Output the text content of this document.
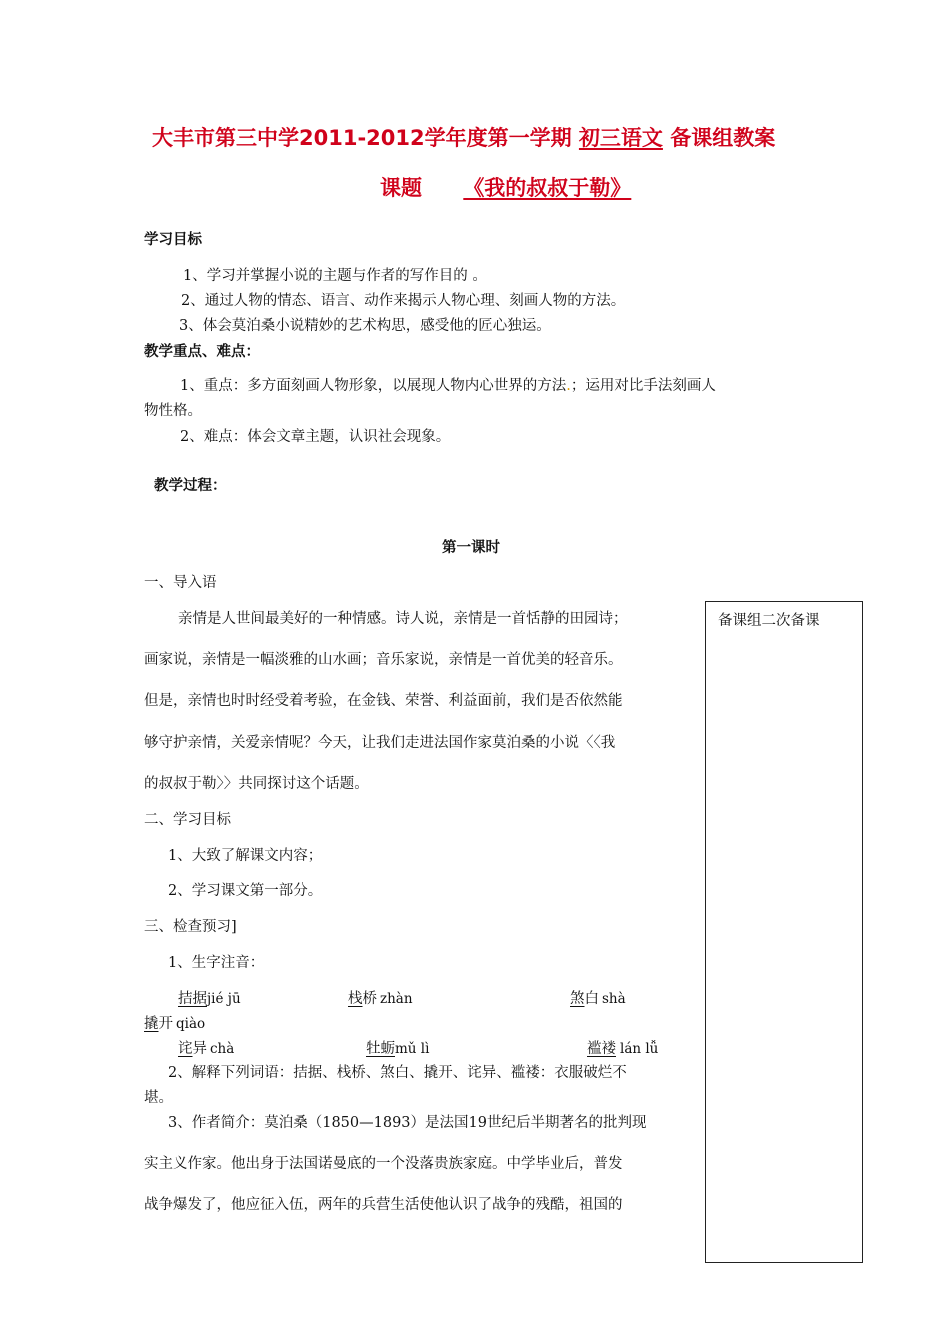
大丰市第三中学2011-2012学年度第一学期 初三语文 备课组教案
课题 《我的叔叔于勒》
学习目标
1、学习并掌握小说的主题与作者的写作目的 。
2、通过人物的情态、语言、动作来揭示人物心理、刻画人物的方法。
3、体会莫泊桑小说精妙的艺术构思，感受他的匠心独运。
教学重点、难点：
1、重点：多方面刻画人物形象，以展现人物内心世界的方法.；运用对比手法刻画人
物性格。
2、难点：体会文章主题，认识社会现象。
教学过程：
第一课时
一、导入语
亲情是人世间最美好的一种情感。诗人说，亲情是一首恬静的田园诗；
画家说，亲情是一幅淡雅的山水画；音乐家说，亲情是一首优美的轻音乐。
但是，亲情也时时经受着考验，在金钱、荣誉、利益面前，我们是否依然能
够守护亲情，关爱亲情呢？今天，让我们走进法国作家莫泊桑的小说〈〈我
的叔叔于勒〉〉共同探讨这个话题。
二、学习目标
1、大致了解课文内容；
2、学习课文第一部分。
三、检查预习]
1、生字注音：
拮据jié jū	栈桥 zhàn	煞白 shà
撬开 qiào
诧异 chà	牡蛎mǔ lì	褴褛 lán lǚ
2、解释下列词语：拮据、栈桥、煞白、撬开、诧异、褴褛：衣服破烂不
堪。
3、作者简介：莫泊桑（1850—1893）是法国19世纪后半期著名的批判现
实主义作家。他出身于法国诺曼底的一个没落贵族家庭。中学毕业后，普发
战争爆发了，他应征入伍，两年的兵营生活使他认识了战争的残酷，祖国的
备课组二次备课
